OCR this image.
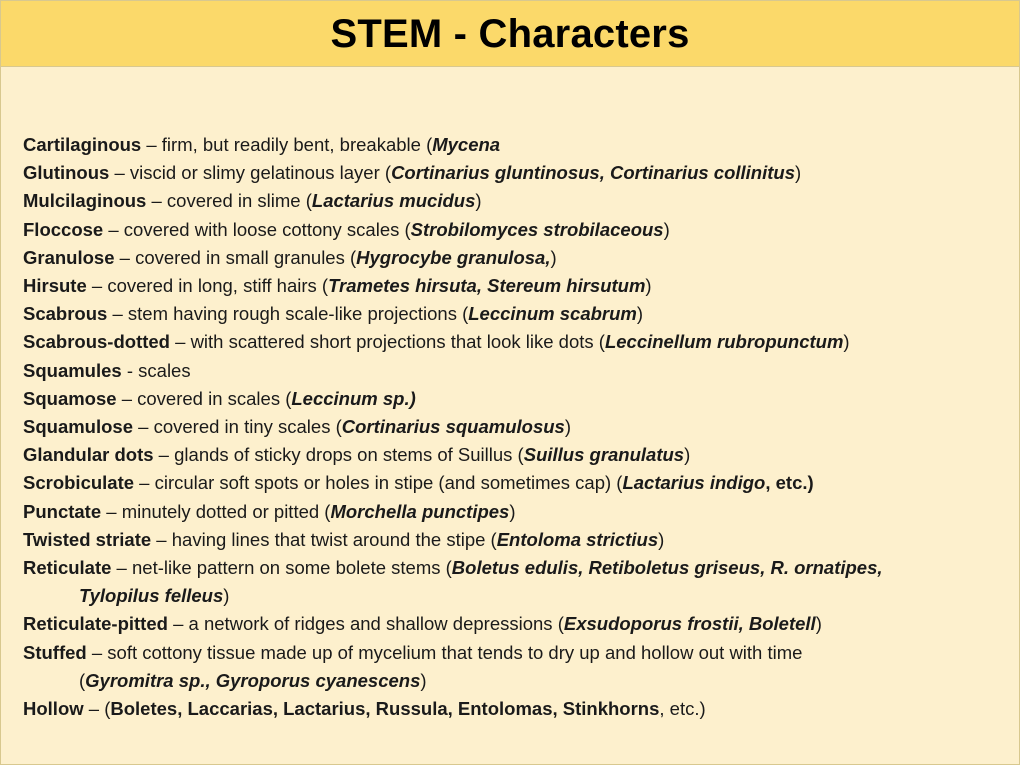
STEM - Characters
Cartilaginous – firm, but readily bent, breakable (Mycena
Glutinous – viscid or slimy gelatinous layer (Cortinarius gluntinosus, Cortinarius collinitus)
Mulcilaginous – covered in slime (Lactarius mucidus)
Floccose – covered with loose cottony scales (Strobilomyces strobilaceous)
Granulose – covered in small granules (Hygrocybe granulosa,)
Hirsute – covered in long, stiff hairs (Trametes hirsuta, Stereum hirsutum)
Scabrous – stem having rough scale-like projections (Leccinum scabrum)
Scabrous-dotted – with scattered short projections that look like dots (Leccinellum rubropunctum)
Squamules - scales
Squamose – covered in scales (Leccinum sp.)
Squamulose – covered in tiny scales (Cortinarius squamulosus)
Glandular dots – glands of sticky drops on stems of Suillus (Suillus granulatus)
Scrobiculate – circular soft spots or holes in stipe (and sometimes cap) (Lactarius indigo, etc.)
Punctate – minutely dotted or pitted (Morchella punctipes)
Twisted striate – having lines that twist around the stipe (Entoloma strictius)
Reticulate – net-like pattern on some bolete stems (Boletus edulis, Retiboletus griseus, R. ornatipes,
Tylopilus felleus)
Reticulate-pitted – a network of ridges and shallow depressions (Exsudoporus frostii, Boletell)
Stuffed – soft cottony tissue made up of mycelium that tends to dry up and hollow out with time
(Gyromitra sp., Gyroporus cyanescens)
Hollow – (Boletes, Laccarias, Lactarius, Russula, Entolomas, Stinkhorns, etc.)
